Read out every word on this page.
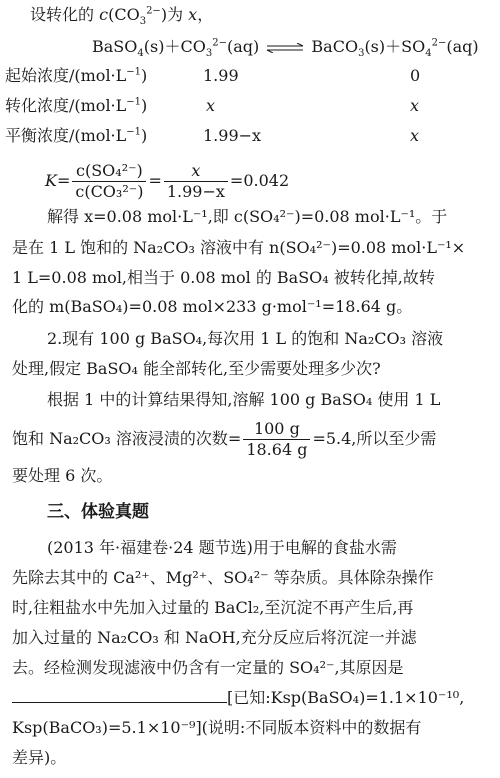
设转化的 $c(CO_3^{2-})$为 x，
$BaSO_4(s)+CO_3^{2-}(aq)$ ⇌ $BaCO_3(s)+SO_4^{2-}(aq)$
起始浓度$/(mol\cdot L^{-1})$	1.99	0
转化浓度$/(mol\cdot L^{-1})$	x	x
平衡浓度$/(mol\cdot L^{-1})$	1.99−x	x
$K= \frac{\text{c(SO₄²⁻)}}{\text{c(CO₃²⁻)}} = \frac{x}{1.99-x} =0.042$
解得 x=0.08 mol·L⁻¹,即 c(SO₄²⁻)=0.08 mol·L⁻¹。于
是在 1 L 饱和的 Na₂CO₃ 溶液中有 n(SO₄²⁻)=0.08 mol·L⁻¹×
1 L=0.08 mol,相当于 0.08 mol 的 BaSO₄ 被转化掉,故转
化的 m(BaSO₄)=0.08 mol×233 g·mol⁻¹=18.64 g。
2.现有 100 g BaSO₄,每次用 1 L 的饱和 Na₂CO₃ 溶液
处理,假定 BaSO₄ 能全部转化,至少需要处理多少次?
根据 1 中的计算结果得知,溶解 100 g BaSO₄ 使用 1 L
饱和 Na₂CO₃ 溶液浸渍的次数= $\frac{100 g}{18.64 g} =5.4$,所以至少需
要处理 6 次。
三、体验真题
(2013 年·福建卷·24 题节选)用于电解的食盐水需
先除去其中的 Ca²⁺、Mg²⁺、SO₄²⁻ 等杂质。具体除杂操作
时,往粗盐水中先加入过量的 BaCl₂,至沉淀不再产生后,再
加入过量的 Na₂CO₃ 和 NaOH,充分反应后将沉淀一并滤
去。经检测发现滤液中仍含有一定量的 SO₄²⁻,其原因是
[已知:Ksp(BaSO₄)=1.1×10⁻¹⁰,
Ksp(BaCO₃)=5.1×10⁻⁹](说明:不同版本资料中的数据有
差异)。
